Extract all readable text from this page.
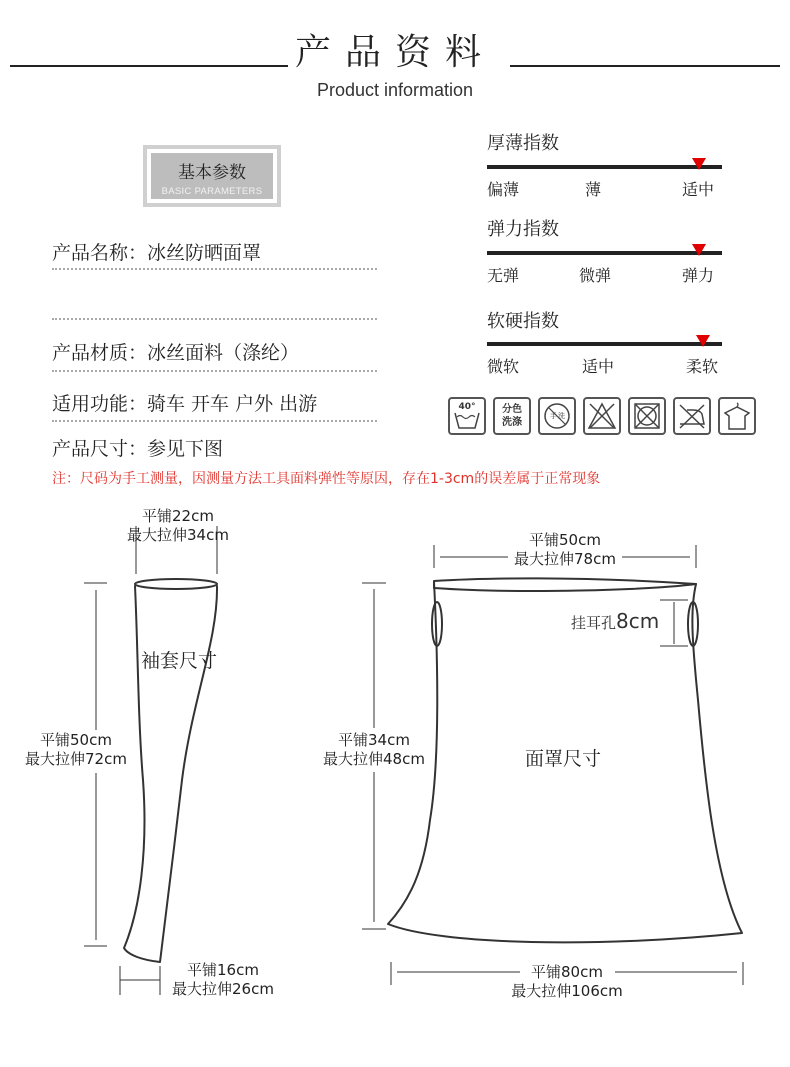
产品资料
Product information
基本参数
BASIC PARAMETERS
产品名称：冰丝防晒面罩
产品材质：冰丝面料（涤纶）
适用功能：骑车 开车 户外 出游
产品尺寸：参见下图
注：尺码为手工测量，因测量方法工具面料弹性等原因，存在1-3cm的误差属于正常现象
厚薄指数
偏薄	薄	适中
弹力指数
无弹	微弹	弹力
软硬指数
微软	适中	柔软
40°	分色
洗涤
手 洗
平铺22cm
最大拉伸34cm
袖套尺寸
平铺50cm
最大拉伸72cm
平铺16cm
最大拉伸26cm
平铺50cm
最大拉伸78cm
挂耳孔8cm
平铺34cm
最大拉伸48cm	面罩尺寸
平铺80cm
最大拉伸106cm
